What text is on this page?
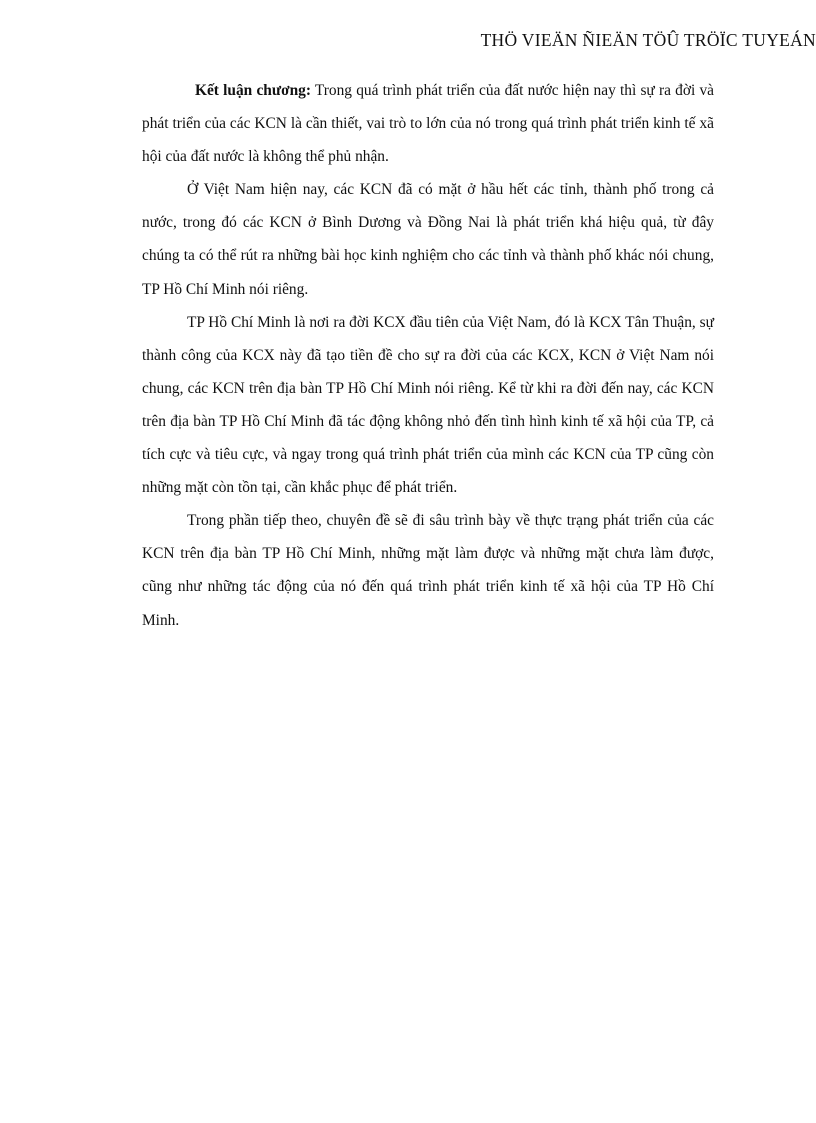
THÖ VIEÄN ÑIEÄN TÖÛ TRÖÏC TUYEÁN

Kết luận chương: Trong quá trình phát triển của đất nước hiện nay thì sự ra đời và phát triển của các KCN là cần thiết, vai trò to lớn của nó trong quá trình phát triển kinh tế xã hội của đất nước là không thể phủ nhận.

Ở Việt Nam hiện nay, các KCN đã có mặt ở hầu hết các tỉnh, thành phố trong cả nước, trong đó các KCN ở Bình Dương và Đồng Nai là phát triển khá hiệu quả, từ đây chúng ta có thể rút ra những bài học kinh nghiệm cho các tỉnh và thành phố khác nói chung, TP Hồ Chí Minh nói riêng.

TP Hồ Chí Minh là nơi ra đời KCX đầu tiên của Việt Nam, đó là KCX Tân Thuận, sự thành công của KCX này đã tạo tiền đề cho sự ra đời của các KCX, KCN ở Việt Nam nói chung, các KCN trên địa bàn TP Hồ Chí Minh nói riêng. Kể từ khi ra đời đến nay, các KCN trên địa bàn TP Hồ Chí Minh đã tác động không nhỏ đến tình hình kinh tế xã hội của TP, cả tích cực và tiêu cực, và ngay trong quá trình phát triển của mình các KCN của TP cũng còn những mặt còn tồn tại, cần khắc phục để phát triển.

Trong phần tiếp theo, chuyên đề sẽ đi sâu trình bày về thực trạng phát triển của các KCN trên địa bàn TP Hồ Chí Minh, những mặt làm được và những mặt chưa làm được, cũng như những tác động của nó đến quá trình phát triển kinh tế xã hội của TP Hồ Chí Minh.
